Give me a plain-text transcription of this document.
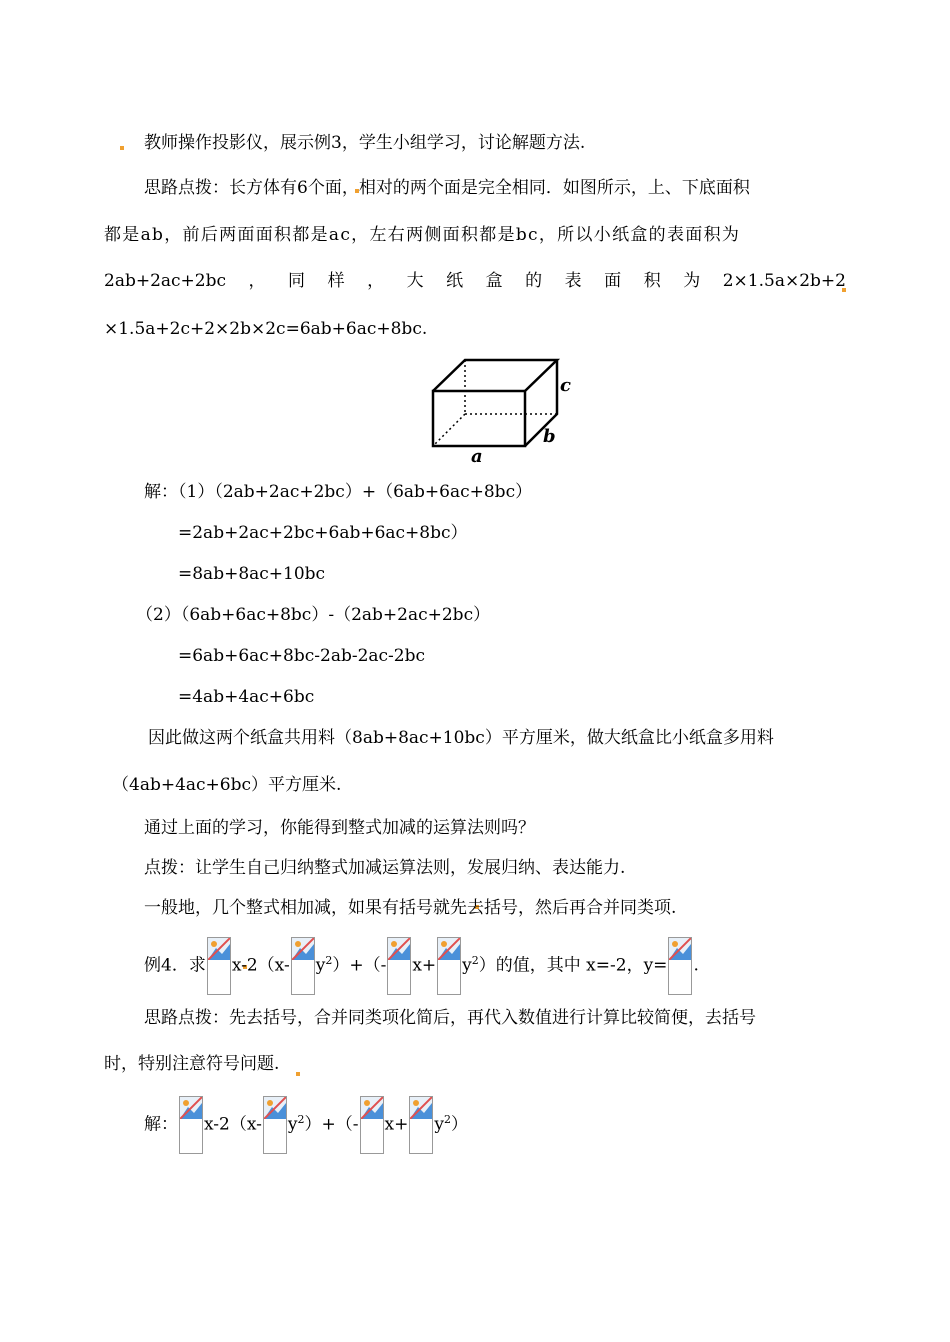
教师操作投影仪，展示例3，学生小组学习，讨论解题方法.
思路点拨：长方体有6个面，相对的两个面是完全相同．如图所示，上、下底面积
都是ab，前后两面面积都是ac，左右两侧面积都是bc，所以小纸盒的表面积为
2ab+2ac+2bc ， 同 样 ， 大 纸 盒 的 表 面 积 为 2×1.5a×2b+2
×1.5a+2c+2×2b×2c=6ab+6ac+8bc.
c
b
a
解：（1）（2ab+2ac+2bc）+（6ab+6ac+8bc）
=2ab+2ac+2bc+6ab+6ac+8bc）
=8ab+8ac+10bc
（2）（6ab+6ac+8bc）-（2ab+2ac+2bc）
=6ab+6ac+8bc-2ab-2ac-2bc
=4ab+4ac+6bc
因此做这两个纸盒共用料（8ab+8ac+10bc）平方厘米，做大纸盒比小纸盒多用料
（4ab+4ac+6bc）平方厘米.
通过上面的学习，你能得到整式加减的运算法则吗？
点拨：让学生自己归纳整式加减运算法则，发展归纳、表达能力.
一般地，几个整式相加减，如果有括号就先去括号，然后再合并同类项.
例4．求 x-2（x- $y^2)+(-$ $x+ y^2$）的值，其中 x=-2，y= .
思路点拨：先去括号，合并同类项化简后，再代入数值进行计算比较简便，去括号
时，特别注意符号问题.
解： x-2（x- $y^2)+(-$ $x+ y^2$）
